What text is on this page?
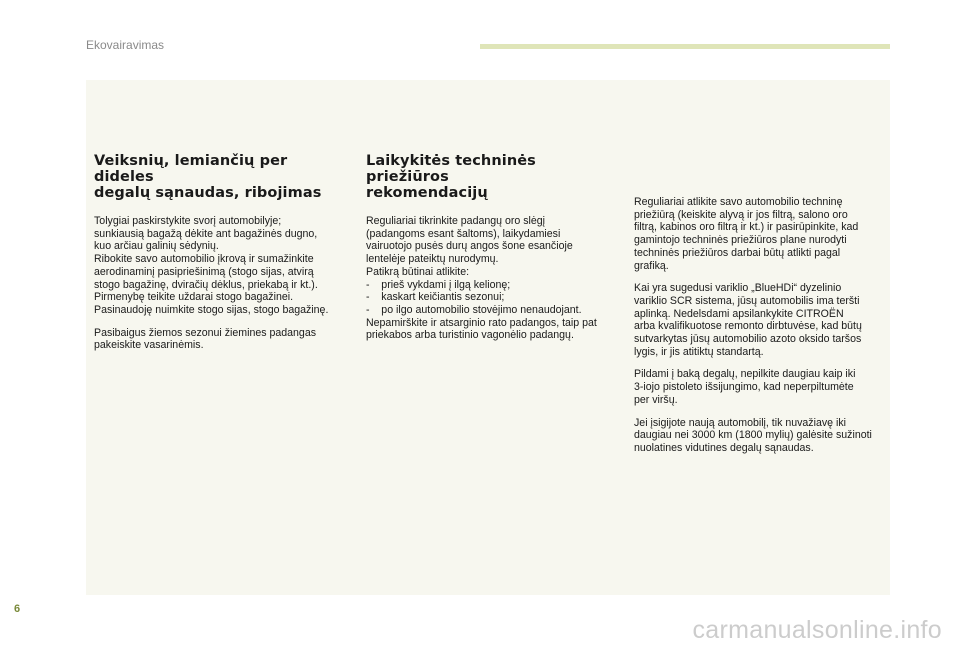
Ekovairavimas
Veiksnių, lemiančių per dideles
degalų sąnaudas, ribojimas

Tolygiai paskirstykite svorį automobilyje;
sunkiausią bagažą dėkite ant bagažinės dugno,
kuo arčiau galinių sėdynių.
Ribokite savo automobilio įkrovą ir sumažinkite
aerodinaminį pasipriešinimą (stogo sijas, atvirą
stogo bagažinę, dviračių dėklus, priekabą ir kt.).
Pirmenybę teikite uždarai stogo bagažinei.
Pasinaudoję nuimkite stogo sijas, stogo bagažinę.

Pasibaigus žiemos sezonui žiemines padangas
pakeiskite vasarinėmis.

Laikykitės techninės priežiūros
rekomendacijų

Reguliariai tikrinkite padangų oro slėgį
(padangoms esant šaltoms), laikydamiesi
vairuotojo pusės durų angos šone esančioje
lentelėje pateiktų nurodymų.
Patikrą būtinai atlikite:
-    prieš vykdami į ilgą kelionę;
-    kaskart keičiantis sezonui;
-    po ilgo automobilio stovėjimo nenaudojant.
Nepamirškite ir atsarginio rato padangos, taip pat
priekabos arba turistinio vagonėlio padangų.

Reguliariai atlikite savo automobilio techninę
priežiūrą (keiskite alyvą ir jos filtrą, salono oro
filtrą, kabinos oro filtrą ir kt.) ir pasirūpinkite, kad
gamintojo techninės priežiūros plane nurodyti
techninės priežiūros darbai būtų atlikti pagal
grafiką.

Kai yra sugedusi variklio „BlueHDi“ dyzelinio
variklio SCR sistema, jūsų automobilis ima teršti
aplinką. Nedelsdami apsilankykite CITROËN
arba kvalifikuotose remonto dirbtuvėse, kad būtų
sutvarkytas jūsų automobilio azoto oksido taršos
lygis, ir jis atitiktų standartą.

Pildami į baką degalų, nepilkite daugiau kaip iki
3-iojo pistoleto išsijungimo, kad neperpiltumėte
per viršų.

Jei įsigijote naują automobilį, tik nuvažiavę iki
daugiau nei 3000 km (1800 mylių) galėsite sužinoti
nuolatines vidutines degalų sąnaudas.

6
carmanualsonline.info
